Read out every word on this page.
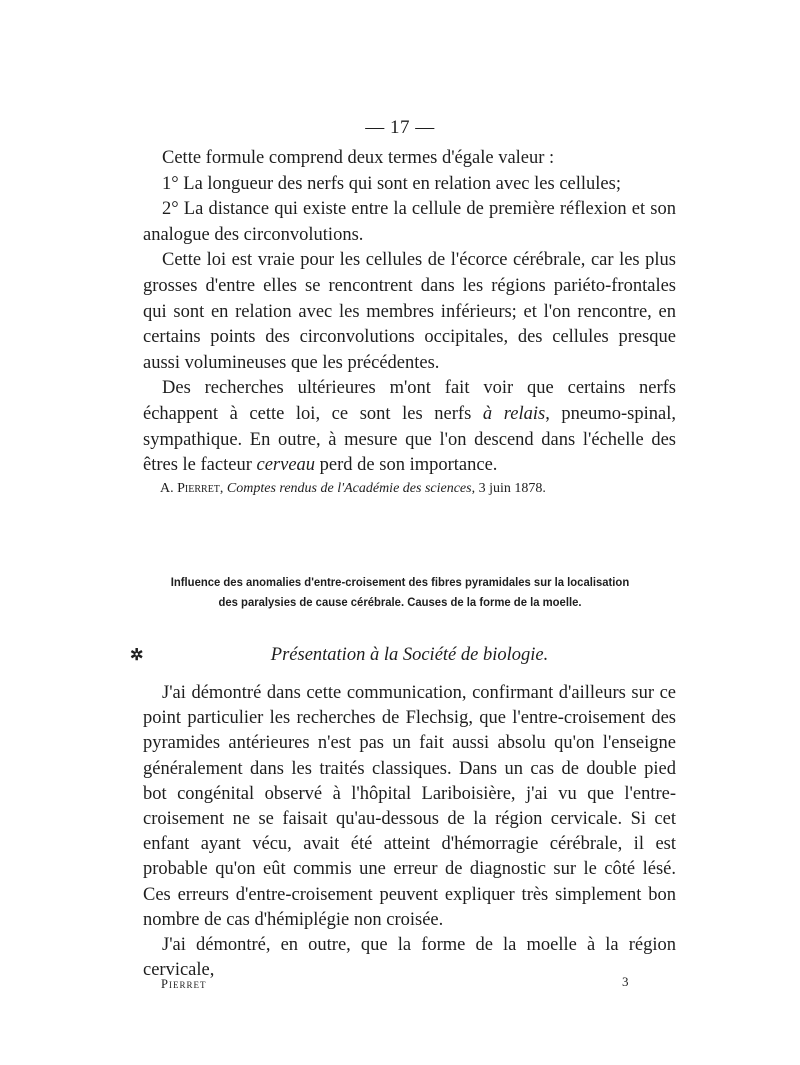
— 17 —

Cette formule comprend deux termes d'égale valeur :

1° La longueur des nerfs qui sont en relation avec les cellules;

2° La distance qui existe entre la cellule de première réflexion et son analogue des circonvolutions.

Cette loi est vraie pour les cellules de l'écorce cérébrale, car les plus grosses d'entre elles se rencontrent dans les régions pariéto-frontales qui sont en relation avec les membres inférieurs; et l'on rencontre, en certains points des circonvolutions occipitales, des cellules presque aussi volumineuses que les précédentes.

Des recherches ultérieures m'ont fait voir que certains nerfs échappent à cette loi, ce sont les nerfs à relais, pneumo-spinal, sympathique. En outre, à mesure que l'on descend dans l'échelle des êtres le facteur cerveau perd de son importance.

A. Pierret, Comptes rendus de l'Académie des sciences, 3 juin 1878.
Influence des anomalies d'entre-croisement des fibres pyramidales sur la localisation
des paralysies de cause cérébrale. Causes de la forme de la moelle.
✲	Présentation à la Société de biologie.

J'ai démontré dans cette communication, confirmant d'ailleurs sur ce point particulier les recherches de Flechsig, que l'entre-croisement des pyramides antérieures n'est pas un fait aussi absolu qu'on l'enseigne généralement dans les traités classiques. Dans un cas de double pied bot congénital observé à l'hôpital Lariboisière, j'ai vu que l'entre-croisement ne se faisait qu'au-dessous de la région cervicale. Si cet enfant ayant vécu, avait été atteint d'hémorragie cérébrale, il est probable qu'on eût commis une erreur de diagnostic sur le côté lésé. Ces erreurs d'entre-croisement peuvent expliquer très simplement bon nombre de cas d'hémiplégie non croisée.

J'ai démontré, en outre, que la forme de la moelle à la région cervicale,

Pierret	3
